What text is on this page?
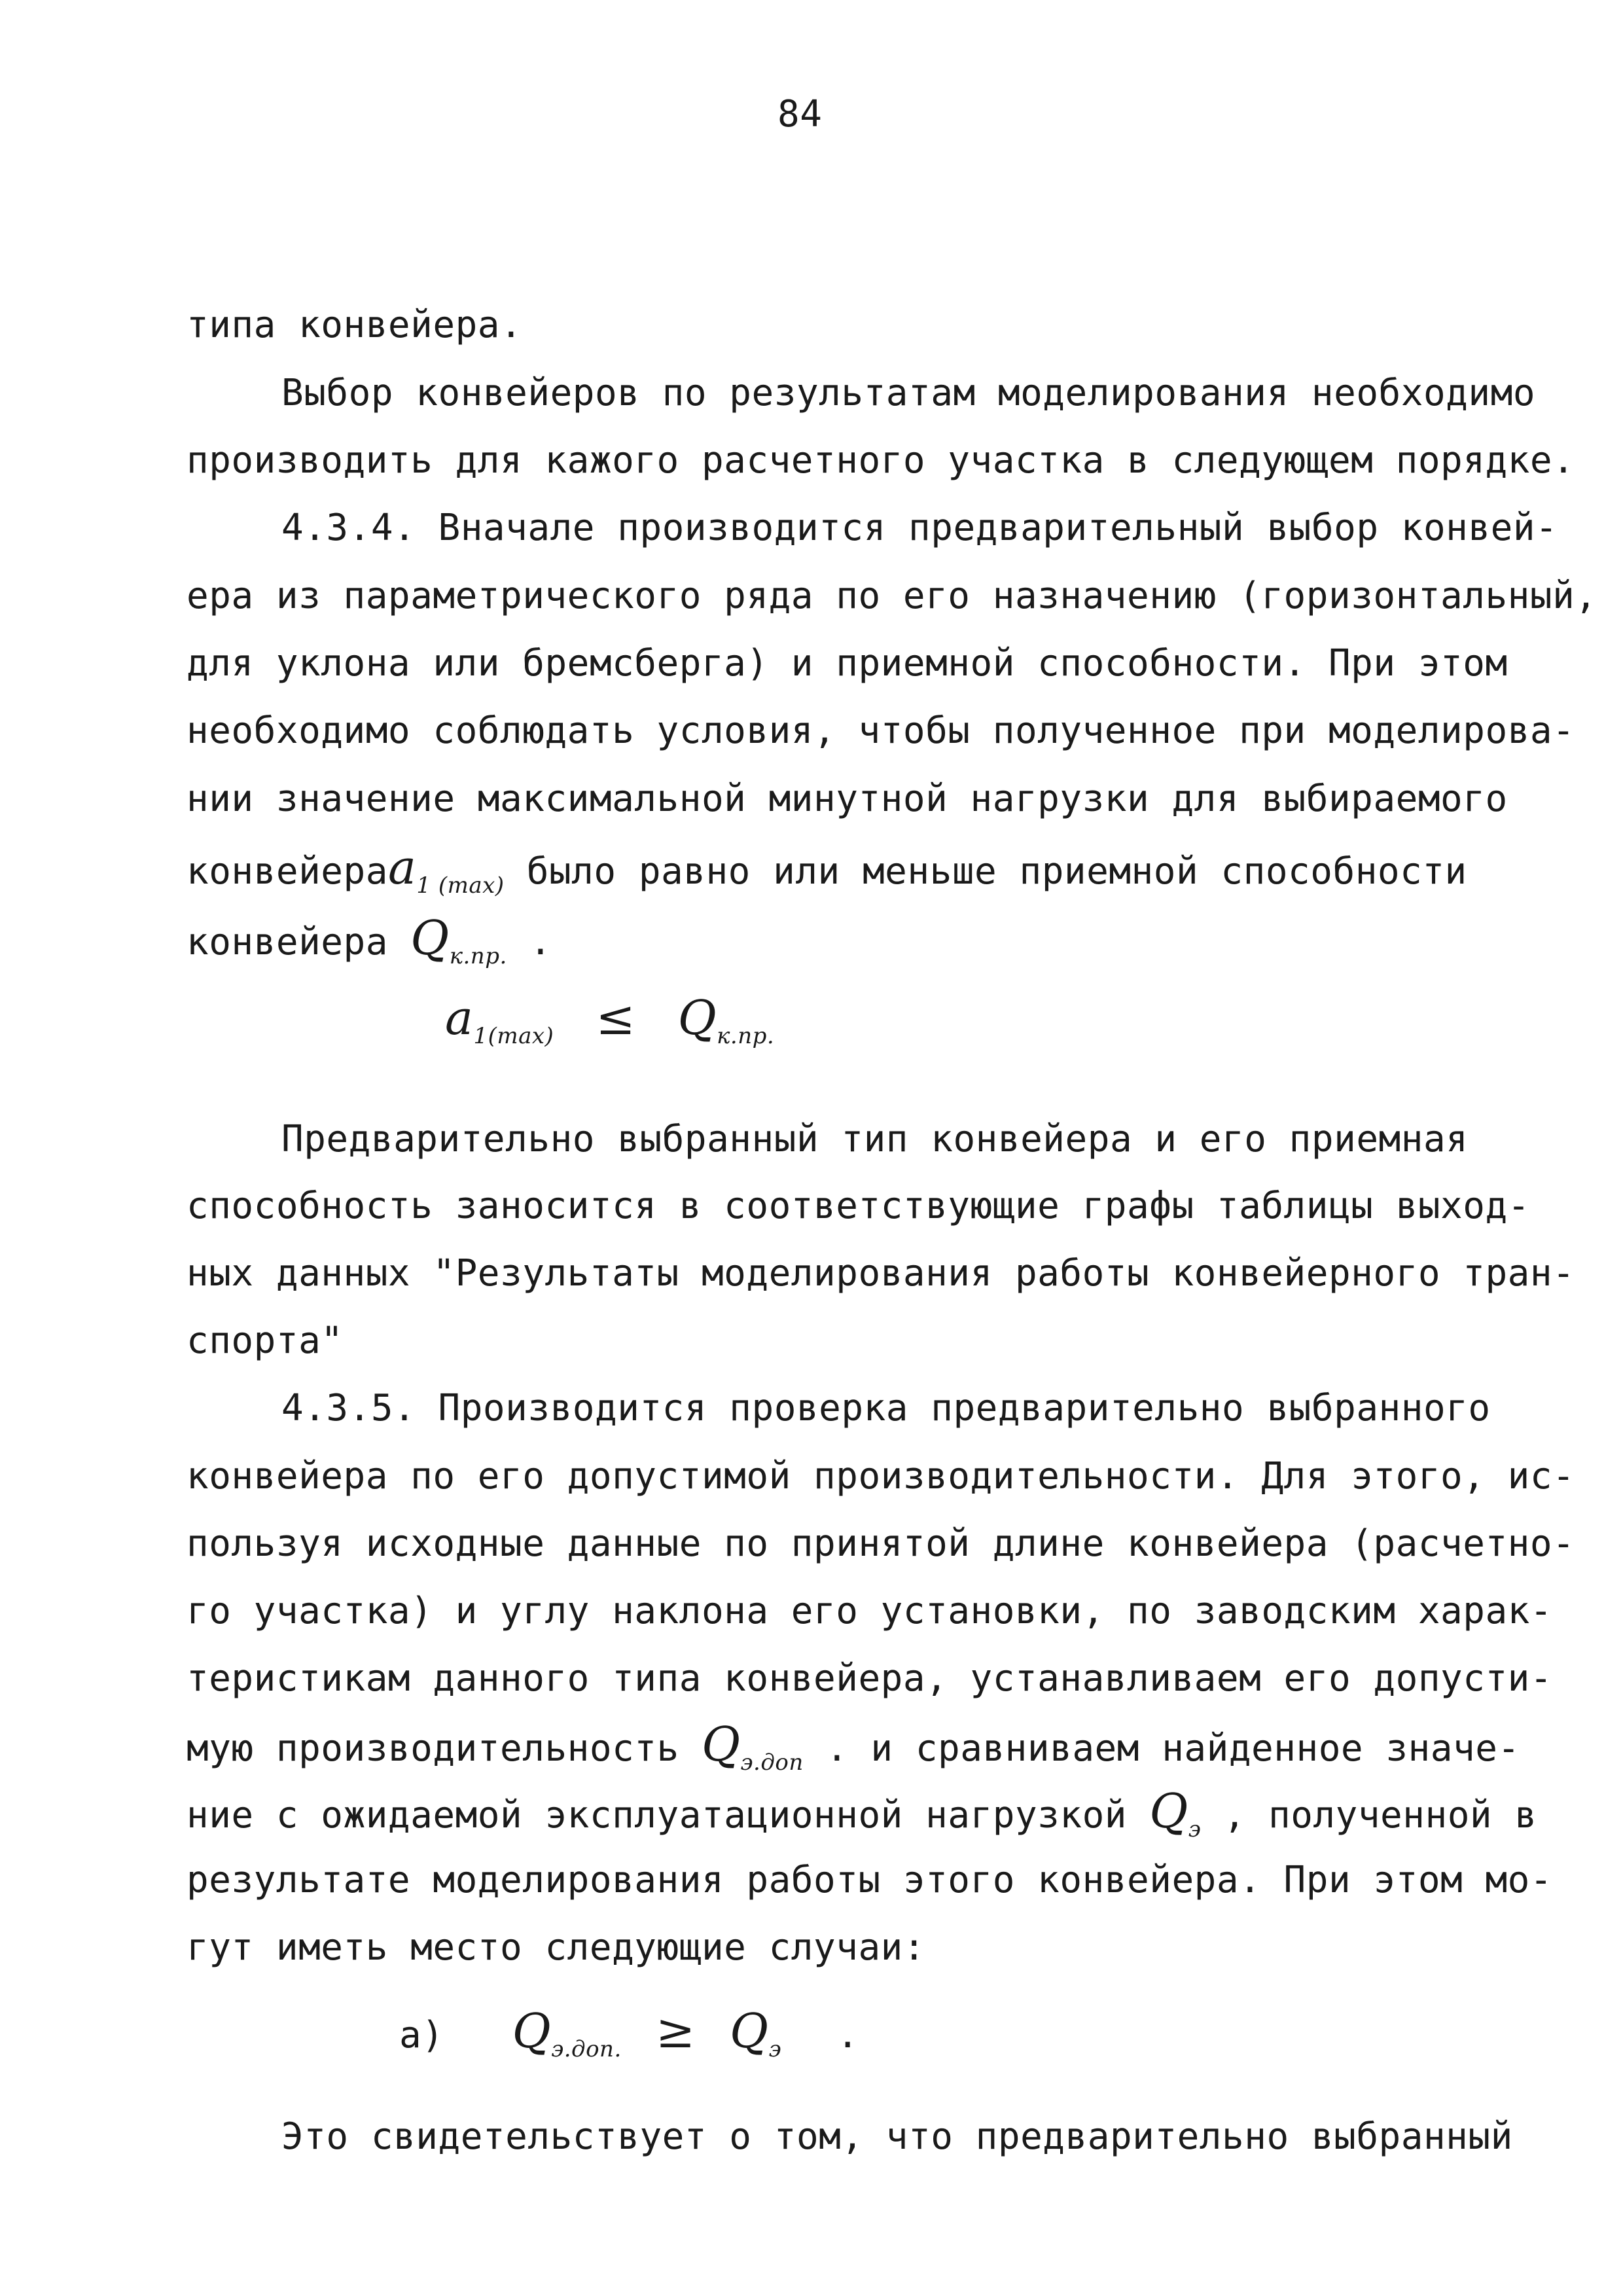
84
типа конвейера.
Выбор конвейеров по результатам моделирования необходимо
производить для кажого расчетного участка в следующем порядке.
4.3.4. Вначале производится предварительный выбор конвей-
ера из параметрического ряда по его назначению (горизонтальный,
для уклона или бремсберга) и приемной способности. При этом
необходимо соблюдать условия, чтобы полученное при моделирова-
нии значение максимальной минутной нагрузки для выбираемого
конвейераa$_{1 (max)}$ было равно или меньше приемной способности
конвейера $Q_{к.пр.}$ .
$a_{1(max)} \le Q_{к.пр.}$
Предварительно выбранный тип конвейера и его приемная
способность заносится в соответствующие графы таблицы выход-
ных данных "Результаты моделирования работы конвейерного тран-
спорта"
4.3.5. Производится проверка предварительно выбранного
конвейера по его допустимой производительности. Для этого, ис-
пользуя исходные данные по принятой длине конвейера (расчетно-
го участка) и углу наклона его установки, по заводским харак-
теристикам данного типа конвейера, устанавливаем его допусти-
мую производительность $Q_{э.доп}$ . и сравниваем найденное значе-
ние с ожидаемой эксплуатационной нагрузкой $Q_э$ , полученной в
результате моделирования работы этого конвейера. При этом мо-
гут иметь место следующие случаи:
а) $Q_{э.доп.} \ge Q_э$ .
Это свидетельствует о том, что предварительно выбранный
